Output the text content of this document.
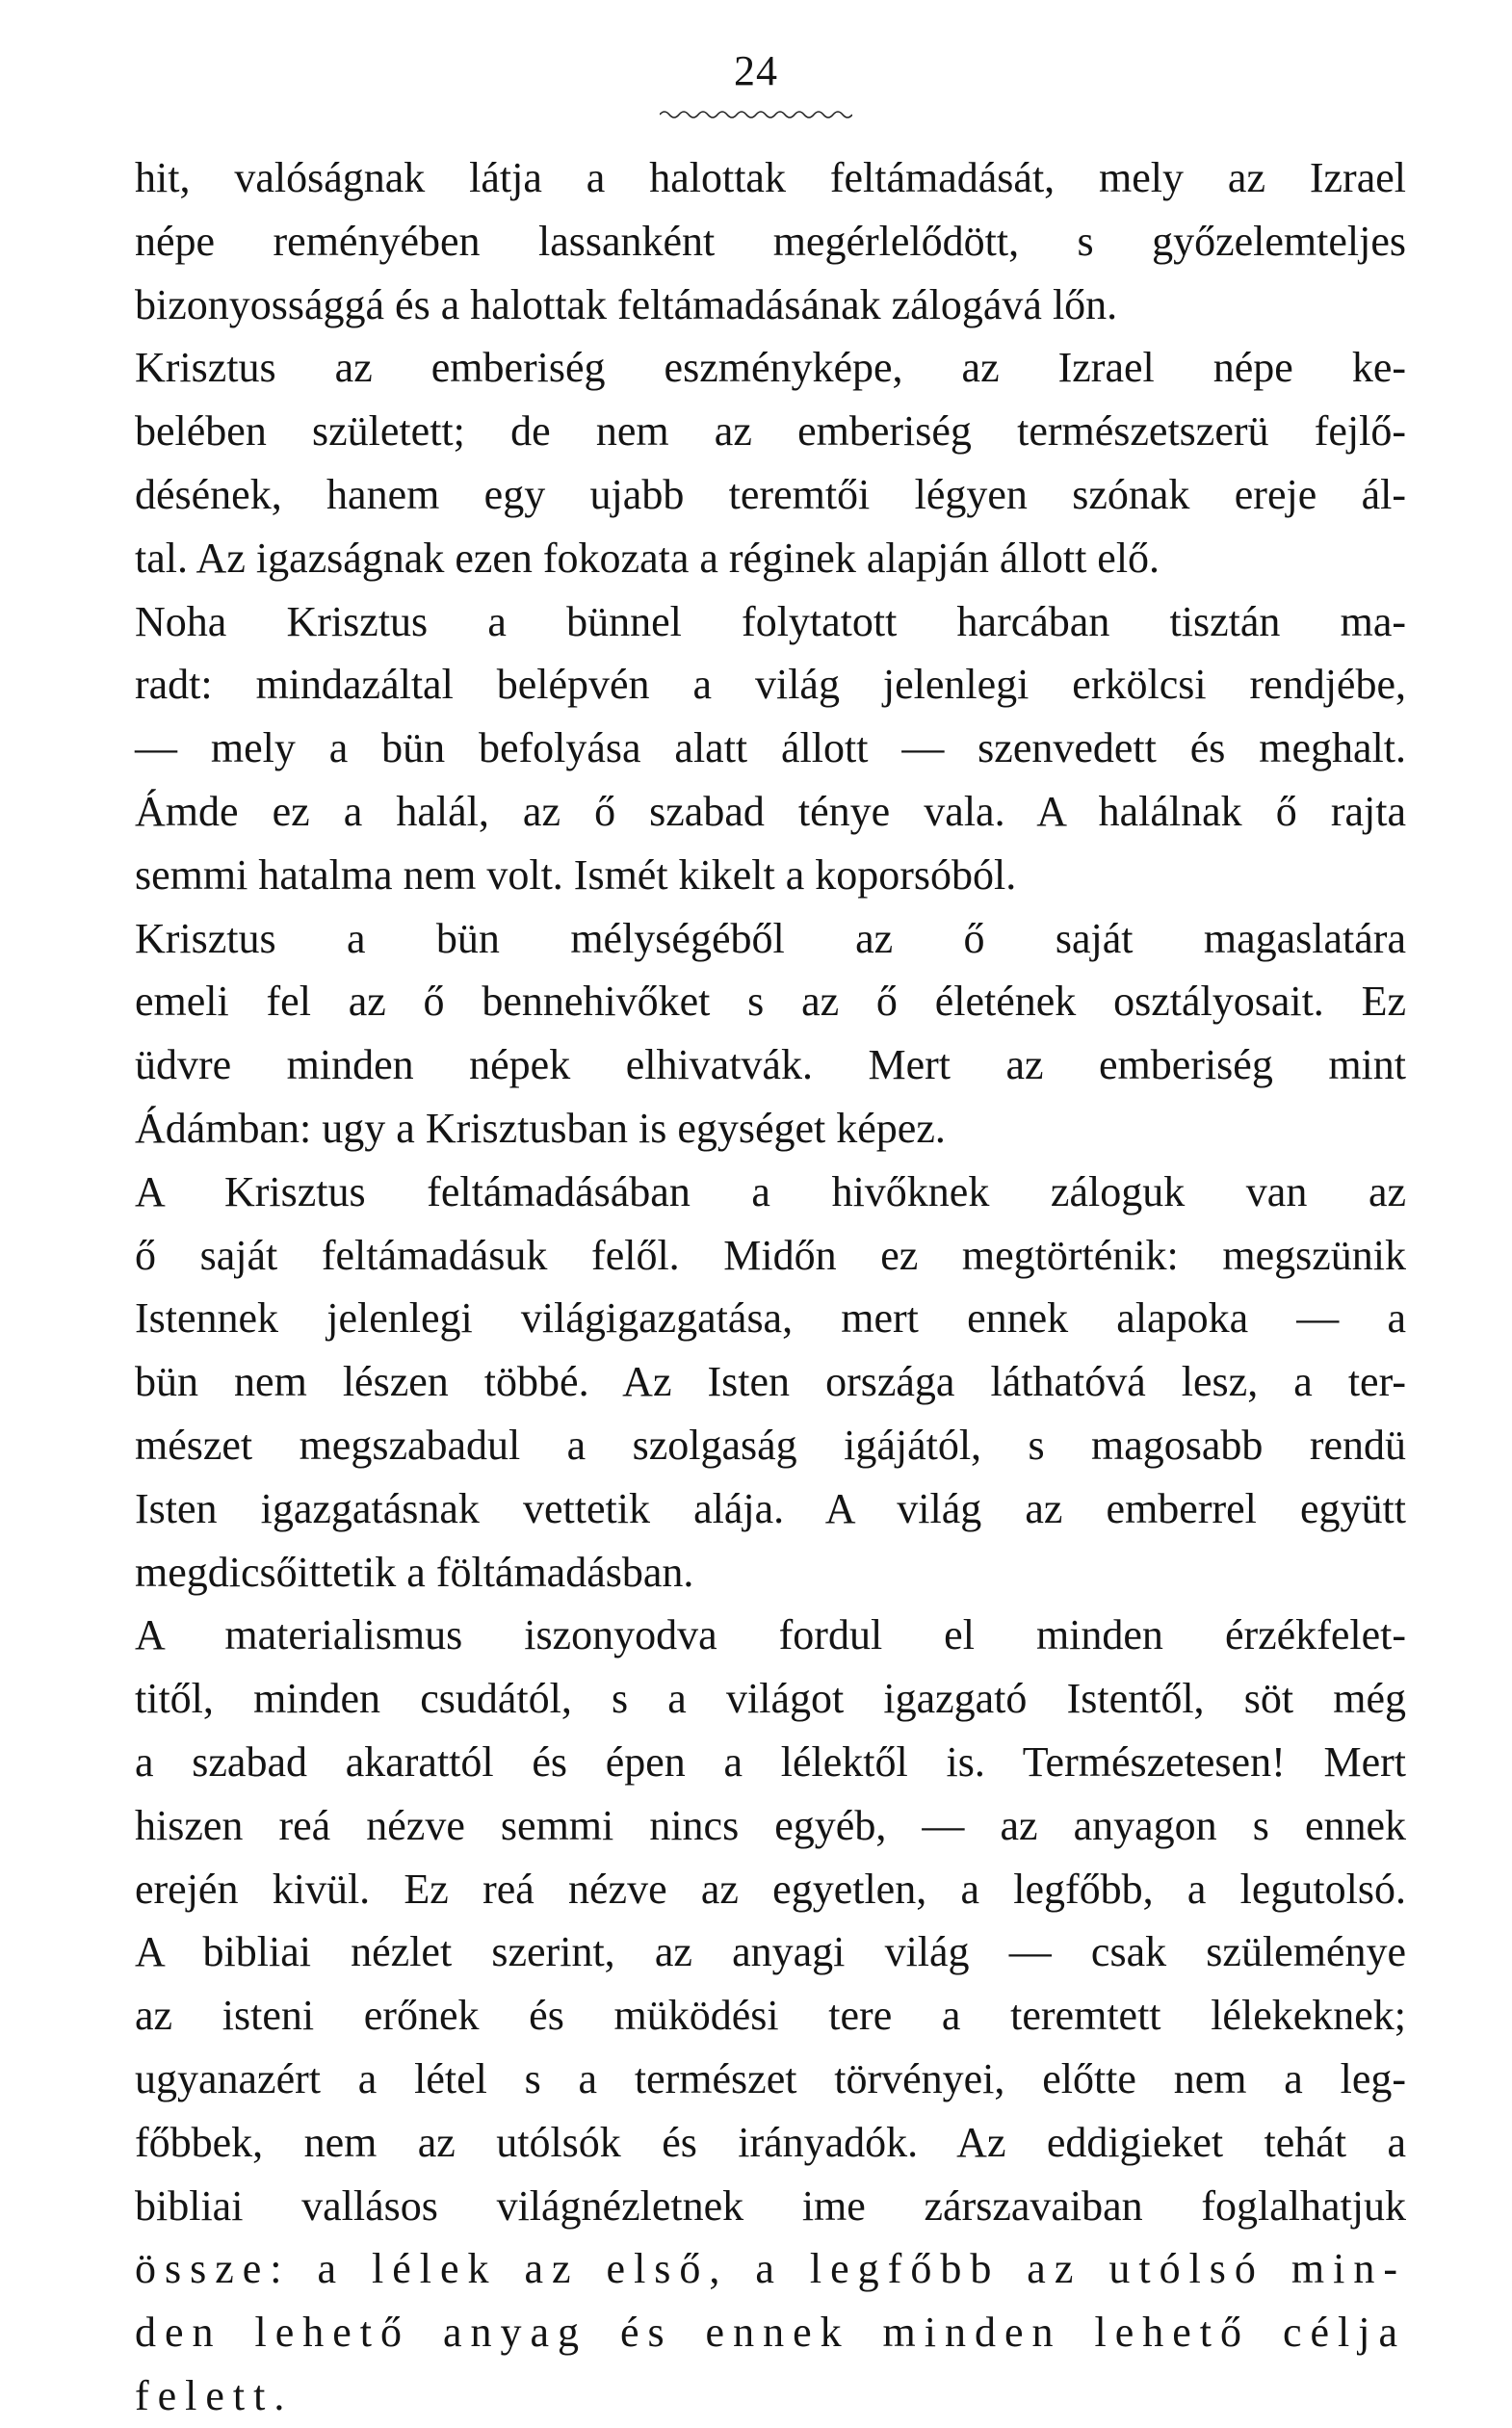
24
hit, valóságnak látja a halottak feltámadását, mely az Izrael
népe reményében lassanként megérlelődött, s győzelemteljes
bizonyossággá és a halottak feltámadásának zálogává lőn.
Krisztus az emberiség eszményképe, az Izrael népe ke-
belében született; de nem az emberiség természetszerü fejlő-
désének, hanem egy ujabb teremtői légyen szónak ereje ál-
tal. Az igazságnak ezen fokozata a réginek alapján állott elő.
Noha Krisztus a bünnel folytatott harcában tisztán ma-
radt: mindazáltal belépvén a világ jelenlegi erkölcsi rendjébe,
— mely a bün befolyása alatt állott — szenvedett és meghalt.
Ámde ez a halál, az ő szabad ténye vala. A halálnak ő rajta
semmi hatalma nem volt. Ismét kikelt a koporsóból.
Krisztus a bün mélységéből az ő saját magaslatára
emeli fel az ő bennehivőket s az ő életének osztályosait. Ez
üdvre minden népek elhivatvák. Mert az emberiség mint
Ádámban: ugy a Krisztusban is egységet képez.
A Krisztus feltámadásában a hivőknek záloguk van az
ő saját feltámadásuk felől. Midőn ez megtörténik: megszünik
Istennek jelenlegi világigazgatása, mert ennek alapoka — a
bün nem lészen többé. Az Isten országa láthatóvá lesz, a ter-
mészet megszabadul a szolgaság igájától, s magosabb rendü
Isten igazgatásnak vettetik alája. A világ az emberrel együtt
megdicsőittetik a föltámadásban.
A materialismus iszonyodva fordul el minden érzékfelet-
titől, minden csudától, s a világot igazgató Istentől, söt még
a szabad akarattól és épen a lélektől is. Természetesen! Mert
hiszen reá nézve semmi nincs egyéb, — az anyagon s ennek
erején kivül. Ez reá nézve az egyetlen, a legfőbb, a legutolsó.
A bibliai nézlet szerint, az anyagi világ — csak szüleménye
az isteni erőnek és müködési tere a teremtett lélekeknek;
ugyanazért a létel s a természet törvényei, előtte nem a leg-
főbbek, nem az utólsók és irányadók. Az eddigieket tehát a
bibliai vallásos világnézletnek ime zárszavaiban foglalhatjuk
össze: a lélek az első, a legfőbb az utólsó min-
den lehető anyag és ennek minden lehető célja
felett.
